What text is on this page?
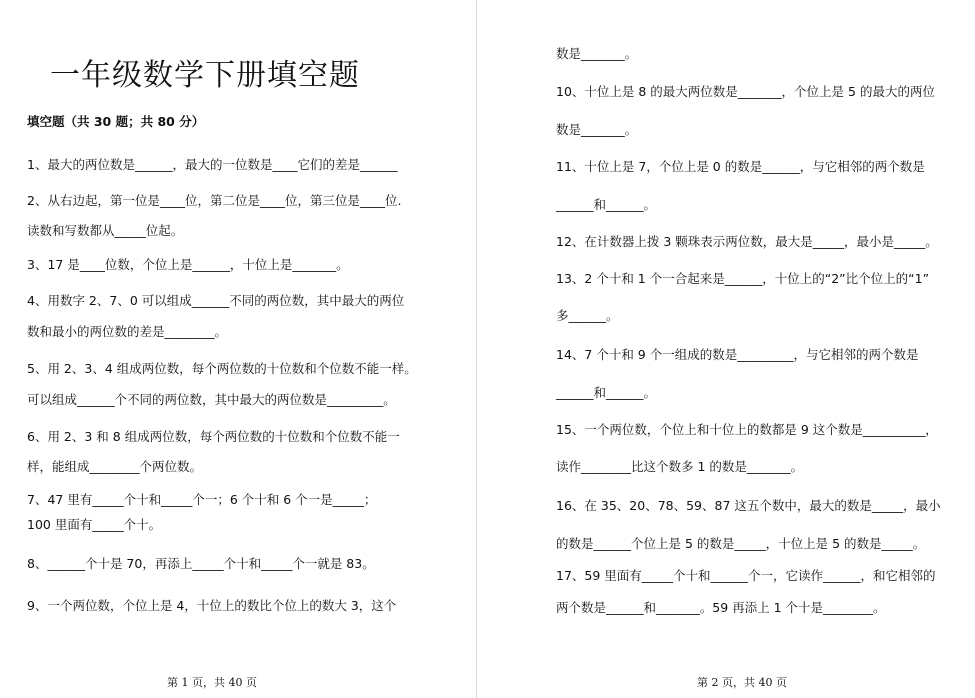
一年级数学下册填空题
填空题（共 30 题；共 80 分）
1、最大的两位数是______，最大的一位数是____它们的差是______
2、从右边起，第一位是____位，第二位是____位，第三位是____位.
读数和写数都从_____位起。
3、17 是____位数，个位上是______，十位上是_______。
4、用数字 2、7、0 可以组成______不同的两位数，其中最大的两位
数和最小的两位数的差是________。
5、用 2、3、4 组成两位数，每个两位数的十位数和个位数不能一样。
可以组成______个不同的两位数，其中最大的两位数是_________。
6、用 2、3 和 8 组成两位数，每个两位数的十位数和个位数不能一
样，能组成________个两位数。
7、47 里有_____个十和_____个一；6 个十和 6 个一是_____；
100 里面有_____个十。
8、______个十是 70，再添上_____个十和_____个一就是 83。
9、一个两位数，个位上是 4，十位上的数比个位上的数大 3，这个
第 1 页，共 40 页
数是_______。
10、十位上是 8 的最大两位数是_______，个位上是 5 的最大的两位
数是_______。
11、十位上是 7，个位上是 0 的数是______，与它相邻的两个数是
______和______。
12、在计数器上拨 3 颗珠表示两位数，最大是_____，最小是_____。
13、2 个十和 1 个一合起来是______，十位上的“2”比个位上的“1”
多______。
14、7 个十和 9 个一组成的数是_________，与它相邻的两个数是
______和______。
15、一个两位数，个位上和十位上的数都是 9 这个数是__________，
读作________比这个数多 1 的数是_______。
16、在 35、20、78、59、87 这五个数中，最大的数是_____，最小
的数是______个位上是 5 的数是_____，十位上是 5 的数是_____。
17、59 里面有_____个十和______个一，它读作______，和它相邻的
两个数是______和_______。59 再添上 1 个十是________。
第 2 页，共 40 页
